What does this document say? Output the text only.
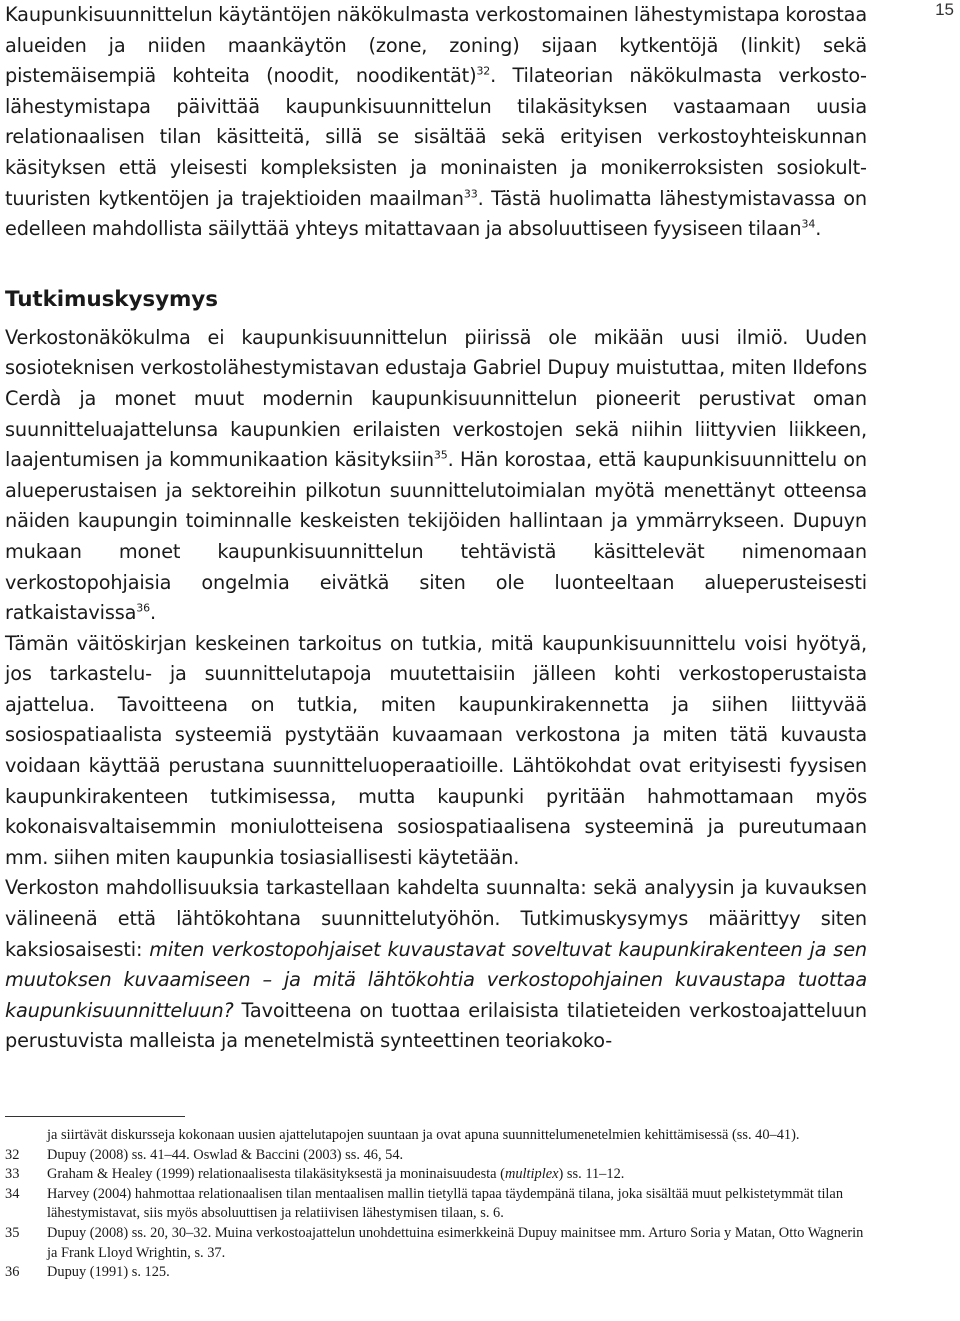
15

Kaupunkisuunnittelun käytäntöjen näkökulmasta verkostomainen lähestymistapa korostaa alueiden ja niiden maankäytön (zone, zoning) sijaan kytkentöjä (linkit) sekä pistemäisempiä kohteita (noodit, noodikentät)$^{32}$. Tilateorian näkökulmasta verkostolähestymistapa päivittää kaupunkisuunnittelun tilakäsityksen vastaamaan uusia relationaalisen tilan käsitteitä, sillä se sisältää sekä erityisen verkostoyhteiskunnan käsityksen että yleisesti kompleksisten ja moninaisten ja monikerroksisten sosiokulttuuristen kytkentöjen ja trajektioiden maailman$^{33}$. Tästä huolimatta lähestymistavassa on edelleen mahdollista säilyttää yhteys mitattavaan ja absoluuttiseen fyysiseen tilaan$^{34}$.

Tutkimuskysymys

Verkostonäkökulma ei kaupunkisuunnittelun piirissä ole mikään uusi ilmiö. Uuden sosioteknisen verkostolähestymistavan edustaja Gabriel Dupuy muistuttaa, miten Ildefons Cerdà ja monet muut modernin kaupunkisuunnittelun pioneerit perustivat oman suunnitteluajattelunsa kaupunkien erilaisten verkostojen sekä niihin liittyvien liikkeen, laajentumisen ja kommunikaation käsityksiin$^{35}$. Hän korostaa, että kaupunkisuunnittelu on alueperustaisen ja sektoreihin pilkotun suunnittelutoimialan myötä menettänyt otteensa näiden kaupungin toiminnalle keskeisten tekijöiden hallintaan ja ymmärrykseen. Dupuyn mukaan monet kaupunkisuunnittelun tehtävistä käsittelevät nimenomaan verkostopohjaisia ongelmia eivätkä siten ole luonteeltaan alueperusteisesti ratkaistavissa$^{36}$.

Tämän väitöskirjan keskeinen tarkoitus on tutkia, mitä kaupunkisuunnittelu voisi hyötyä, jos tarkastelu- ja suunnittelutapoja muutettaisiin jälleen kohti verkostoperustaista ajattelua. Tavoitteena on tutkia, miten kaupunkirakennetta ja siihen liittyvää sosiospatiaalista systeemiä pystytään kuvaamaan verkostona ja miten tätä kuvausta voidaan käyttää perustana suunnitteluoperaatioille. Lähtökohdat ovat erityisesti fyysisen kaupunkirakenteen tutkimisessa, mutta kaupunki pyritään hahmottamaan myös kokonaisvaltaisemmin moniulotteisena sosiospatiaalisena systeeminä ja pureutumaan mm. siihen miten kaupunkia tosiasiallisesti käytetään.

Verkoston mahdollisuuksia tarkastellaan kahdelta suunnalta: sekä analyysin ja kuvauksen välineenä että lähtökohtana suunnittelutyöhön. Tutkimuskysymys määrittyy siten kaksiosaisesti: miten verkostopohjaiset kuvaustavat soveltuvat kaupunkirakenteen ja sen muutoksen kuvaamiseen – ja mitä lähtökohtia verkostopohjainen kuvaustapa tuottaa kaupunkisuunnitteluun? Tavoitteena on tuottaa erilaisista tilatieteiden verkostoajatteluun perustuvista malleista ja menetelmistä synteettinen teoriakoko-

ja siirtävät diskursseja kokonaan uusien ajattelutapojen suuntaan ja ovat apuna suunnittelumenetelmien kehittämisessä (ss. 40–41).
32	Dupuy (2008) ss. 41–44. Oswlad & Baccini (2003) ss. 46, 54.
33	Graham & Healey (1999) relationaalisesta tilakäsityksestä ja moninaisuudesta (multiplex) ss. 11–12.
34	Harvey (2004) hahmottaa relationaalisen tilan mentaalisen mallin tietyllä tapaa täydempänä tilana, joka sisältää muut pelkistetymmät tilan lähestymistavat, siis myös absoluuttisen ja relatiivisen lähestymisen tilaan, s. 6.
35	Dupuy (2008) ss. 20, 30–32. Muina verkostoajattelun unohdettuina esimerkkeinä Dupuy mainitsee mm. Arturo Soria y Matan, Otto Wagnerin ja Frank Lloyd Wrightin, s. 37.
36	Dupuy (1991) s. 125.
